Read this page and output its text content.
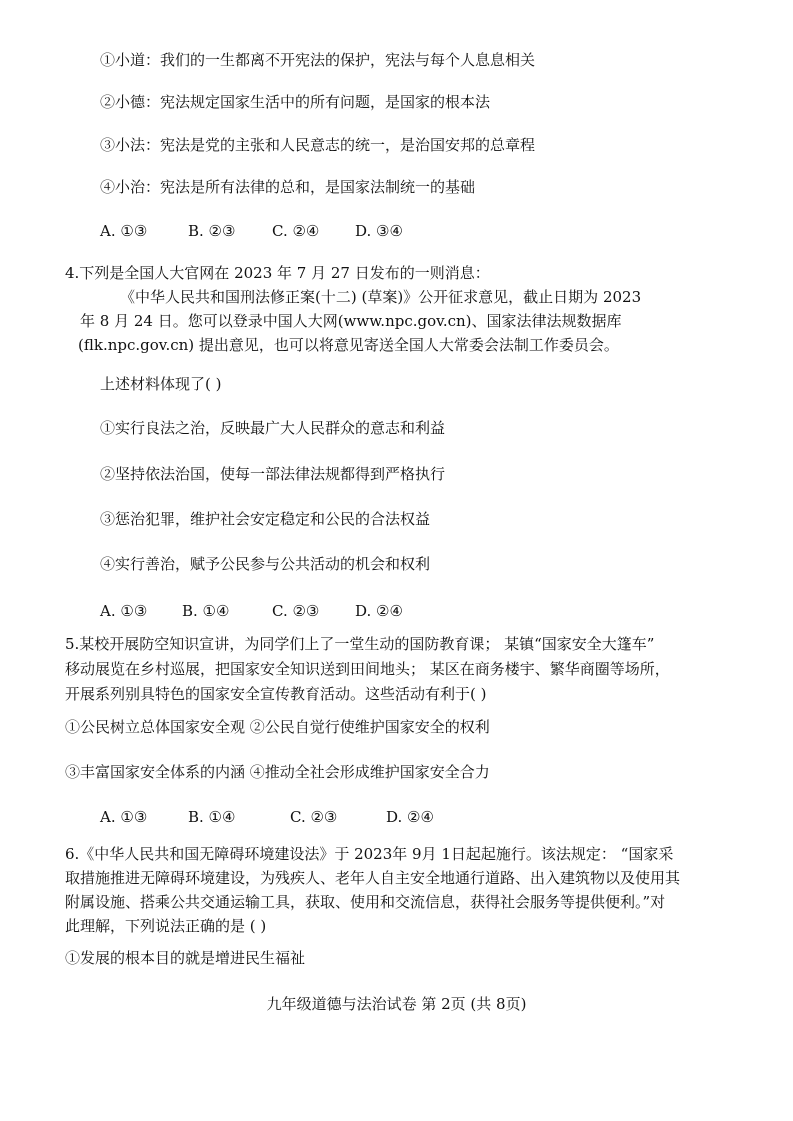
①小道：我们的一生都离不开宪法的保护，宪法与每个人息息相关
②小德：宪法规定国家生活中的所有问题，是国家的根本法
③小法：宪法是党的主张和人民意志的统一，是治国安邦的总章程
④小治：宪法是所有法律的总和，是国家法制统一的基础
A. ①③	B. ②③ C. ②④ D. ③④
4.下列是全国人大官网在 2023 年 7 月 27 日发布的一则消息：
《中华人民共和国刑法修正案(十二) (草案)》公开征求意见，截止日期为 2023
年 8 月 24 日。您可以登录中国人大网(www.npc.gov.cn)、国家法律法规数据库
(flk.npc.gov.cn) 提出意见，也可以将意见寄送全国人大常委会法制工作委员会。
上述材料体现了( )
①实行良法之治，反映最广大人民群众的意志和利益
②坚持依法治国，使每一部法律法规都得到严格执行
③惩治犯罪，维护社会安定稳定和公民的合法权益
④实行善治，赋予公民参与公共活动的机会和权利
A. ①③ B. ①④	C. ②③ D. ②④
5.某校开展防空知识宣讲，为同学们上了一堂生动的国防教育课； 某镇“国家安全大篷车”
移动展览在乡村巡展，把国家安全知识送到田间地头； 某区在商务楼宇、繁华商圈等场所，
开展系列别具特色的国家安全宣传教育活动。这些活动有利于( )
①公民树立总体国家安全观 ②公民自觉行使维护国家安全的权利
③丰富国家安全体系的内涵 ④推动全社会形成维护国家安全合力
A. ①③	B. ①④	C. ②③	D. ②④
6.《中华人民共和国无障碍环境建设法》于 2023年 9月 1日起起施行。该法规定： “国家采
取措施推进无障碍环境建设，为残疾人、老年人自主安全地通行道路、出入建筑物以及使用其
附属设施、搭乘公共交通运输工具，获取、使用和交流信息，获得社会服务等提供便利。”对
此理解，下列说法正确的是 ( )
①发展的根本目的就是增进民生福祉
九年级道德与法治试卷 第 2页 (共 8页)
